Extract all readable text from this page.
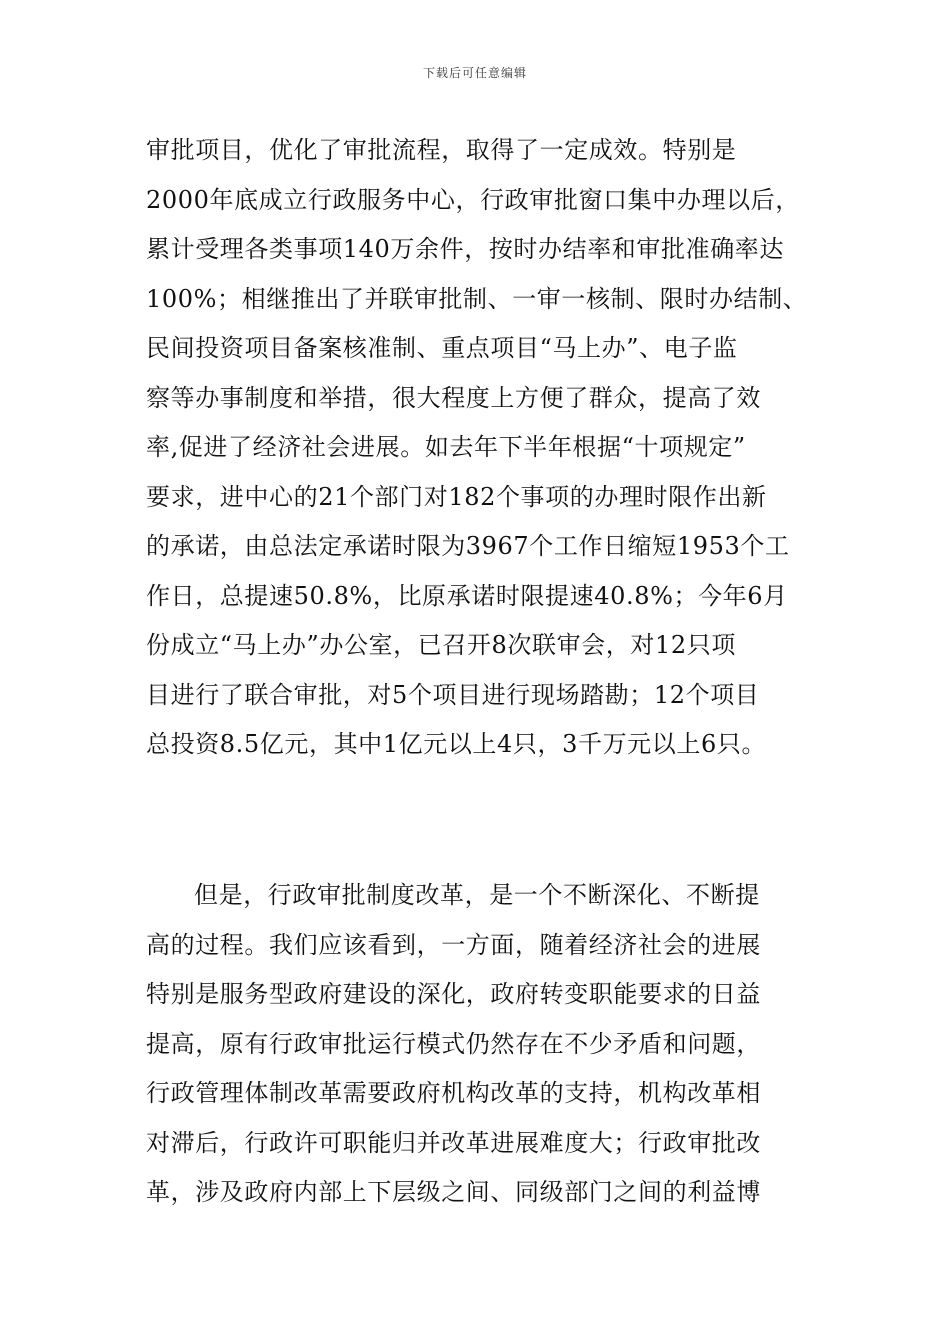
下载后可任意编辑
审批项目，优化了审批流程，取得了一定成效。特别是
2000年底成立行政服务中心，行政审批窗口集中办理以后，
累计受理各类事项140万余件，按时办结率和审批准确率达
100%；相继推出了并联审批制、一审一核制、限时办结制、
民间投资项目备案核准制、重点项目“马上办”、电子监
察等办事制度和举措，很大程度上方便了群众，提高了效
率,促进了经济社会进展。如去年下半年根据“十项规定”
要求，进中心的21个部门对182个事项的办理时限作出新
的承诺，由总法定承诺时限为3967个工作日缩短1953个工
作日，总提速50.8%，比原承诺时限提速40.8%；今年6月
份成立“马上办”办公室，已召开8次联审会，对12只项
目进行了联合审批，对5个项目进行现场踏勘；12个项目
总投资8.5亿元，其中1亿元以上4只，3千万元以上6只。
但是，行政审批制度改革，是一个不断深化、不断提
高的过程。我们应该看到，一方面，随着经济社会的进展
特别是服务型政府建设的深化，政府转变职能要求的日益
提高，原有行政审批运行模式仍然存在不少矛盾和问题，
行政管理体制改革需要政府机构改革的支持，机构改革相
对滞后，行政许可职能归并改革进展难度大；行政审批改
革，涉及政府内部上下层级之间、同级部门之间的利益博
